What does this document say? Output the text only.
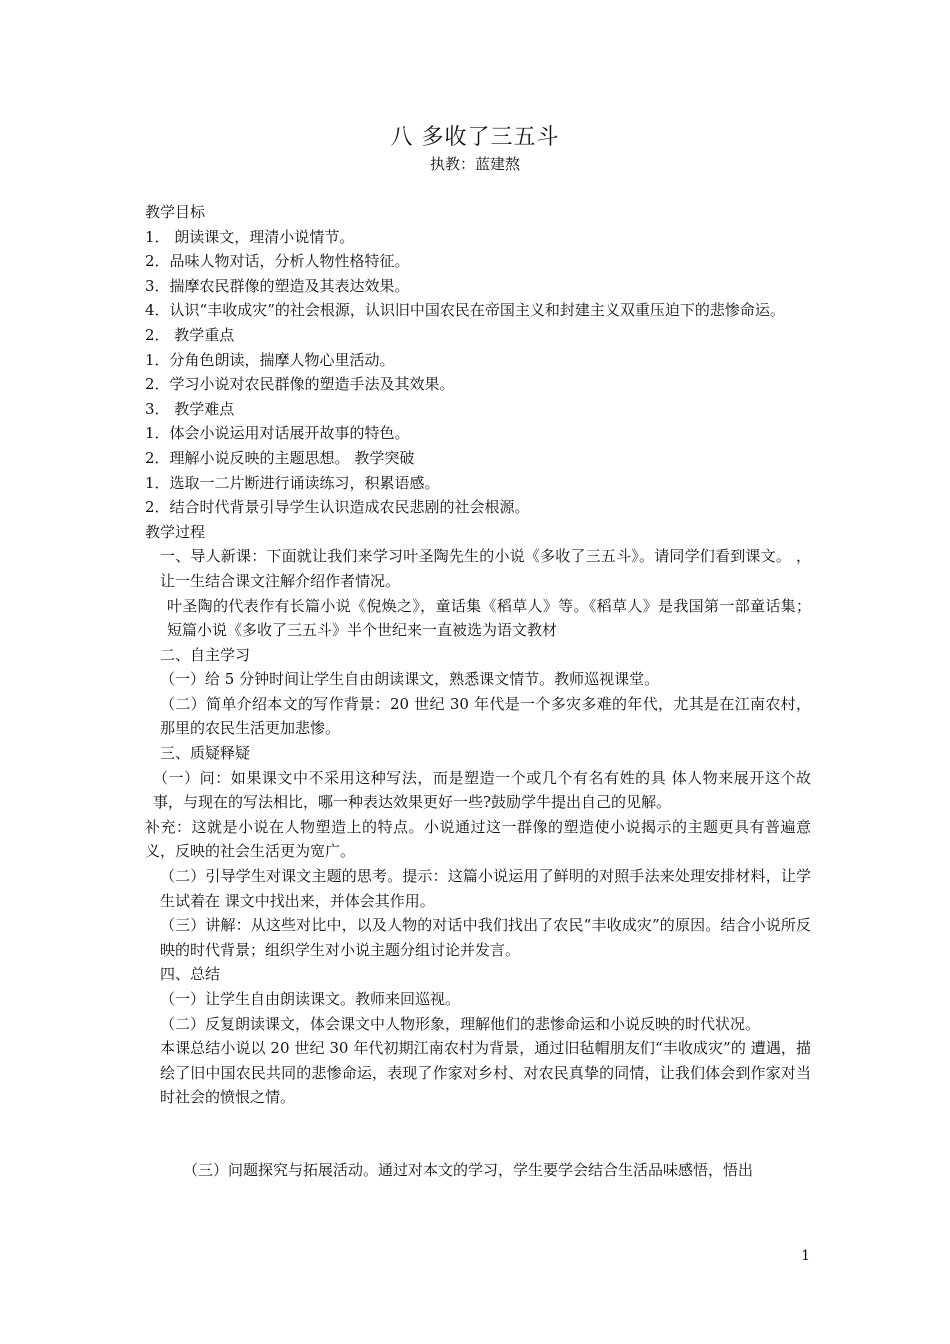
八 多收了三五斗
执教：蓝建熬

教学目标

1． 朗读课文，理清小说情节。

2．品味人物对话，分析人物性格特征。

3．揣摩农民群像的塑造及其表达效果。

4．认识“丰收成灾”的社会根源，认识旧中国农民在帝国主义和封建主义双重压迫下的悲惨命运。

2． 教学重点

1．分角色朗读，揣摩人物心里活动。

2．学习小说对农民群像的塑造手法及其效果。

3． 教学难点

1．体会小说运用对话展开故事的特色。

2．理解小说反映的主题思想。 教学突破

1．选取一二片断进行诵读练习，积累语感。

2．结合时代背景引导学生认识造成农民悲剧的社会根源。

教学过程

一、导人新课：下面就让我们来学习叶圣陶先生的小说《多收了三五斗》。请同学们看到课文。 ，让一生结合课文注解介绍作者情况。

叶圣陶的代表作有长篇小说《倪焕之》，童话集《稻草人》等。《稻草人》是我国第一部童话集；短篇小说《多收了三五斗》半个世纪来一直被选为语文教材

二、自主学习

（一）给 5 分钟时间让学生自由朗读课文，熟悉课文情节。教师巡视课堂。

（二）简单介绍本文的写作背景：20 世纪 30 年代是一个多灾多难的年代，尤其是在江南农村，那里的农民生活更加悲惨。

三、质疑释疑

（一）问：如果课文中不采用这种写法，而是塑造一个或几个有名有姓的具 体人物来展开这个故事，与现在的写法相比，哪一种表达效果更好一些?鼓励学牛提出自己的见解。

补充：这就是小说在人物塑造上的特点。小说通过这一群像的塑造使小说揭示的主题更具有普遍意义，反映的社会生活更为宽广。

（二）引导学生对课文主题的思考。提示：这篇小说运用了鲜明的对照手法来处理安排材料，让学生试着在 课文中找出来，并体会其作用。

（三）讲解：从这些对比中，以及人物的对话中我们找出了农民“丰收成灾”的原因。结合小说所反映的时代背景；组织学生对小说主题分组讨论并发言。

四、总结

（一）让学生自由朗读课文。教师来回巡视。

（二）反复朗读课文，体会课文中人物形象，理解他们的悲惨命运和小说反映的时代状况。

本课总结小说以 20 世纪 30 年代初期江南农村为背景，通过旧毡帽朋友们“丰收成灾”的 遭遇，描绘了旧中国农民共同的悲惨命运，表现了作家对乡村、对农民真挚的同情，让我们体会到作家对当时社会的愤恨之情。

（三）问题探究与拓展活动。通过对本文的学习，学生要学会结合生活品味感悟，悟出

1
